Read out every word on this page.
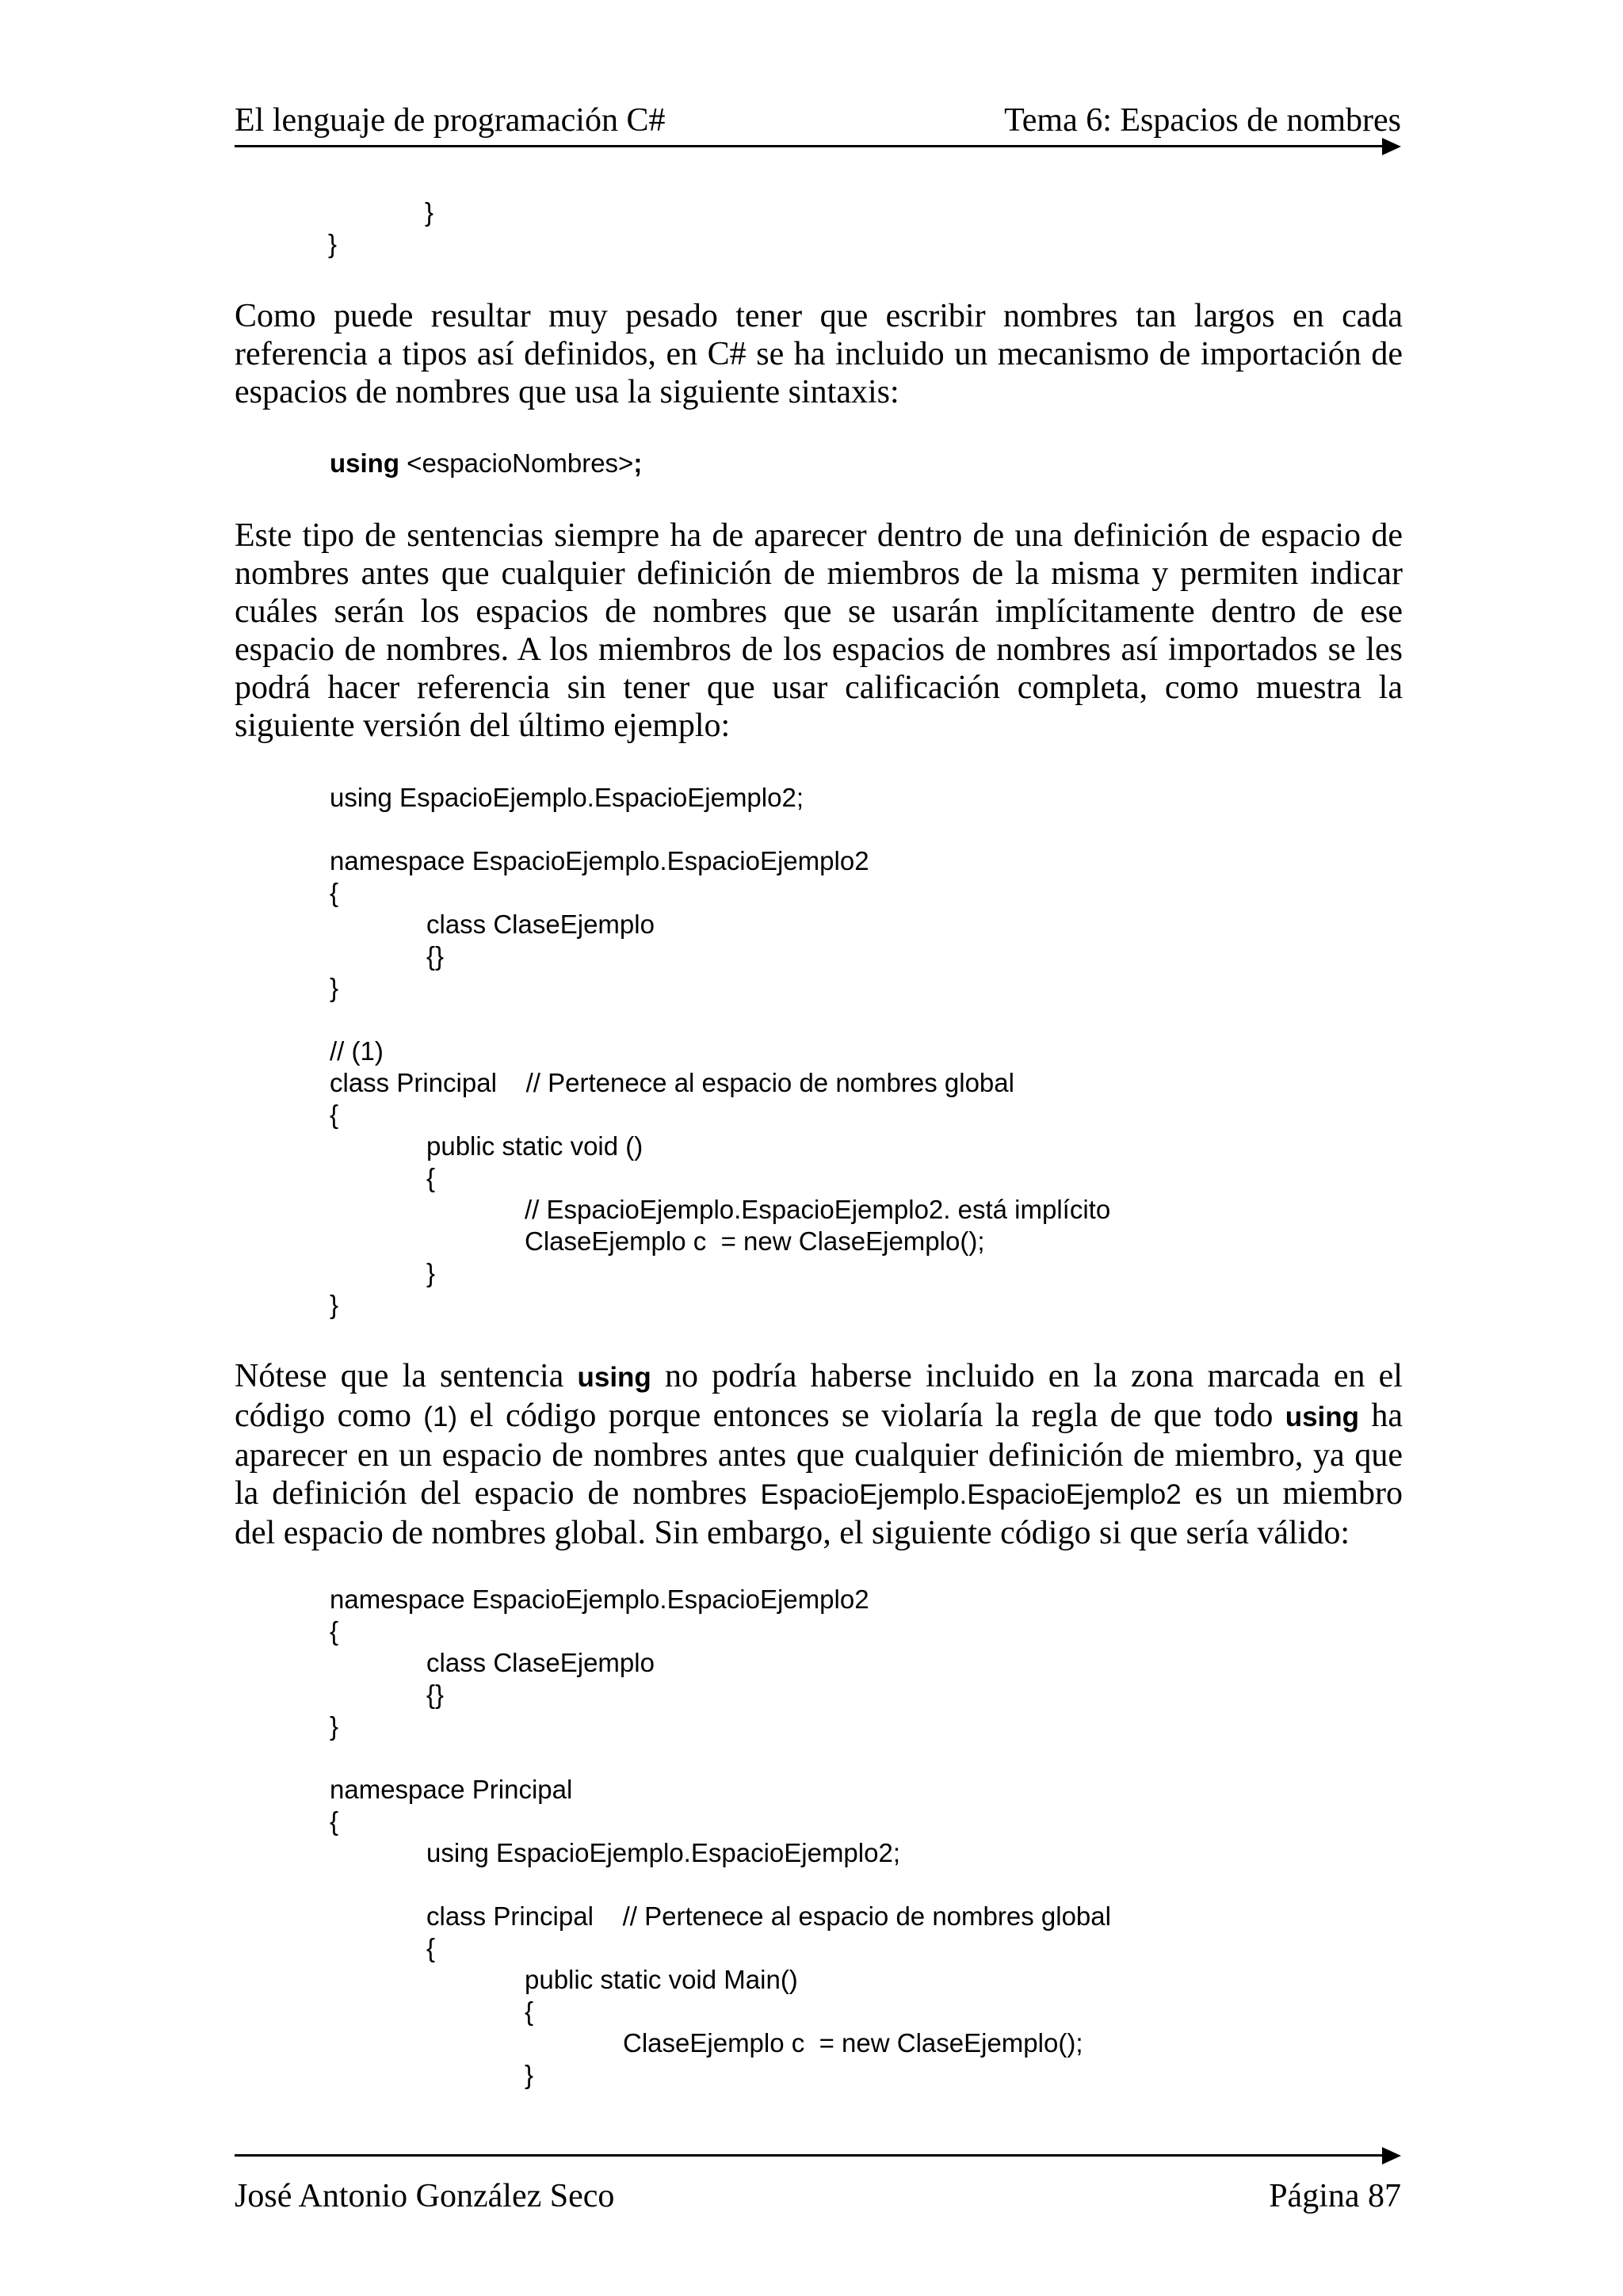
El lenguaje de programación C#	Tema 6: Espacios de nombres
}
}
Como puede resultar muy pesado tener que escribir nombres tan largos en cada referencia a tipos así definidos, en C# se ha incluido un mecanismo de importación de espacios de nombres que usa la siguiente sintaxis:
using <espacioNombres>;
Este tipo de sentencias siempre ha de aparecer dentro de una definición de espacio de nombres antes que cualquier definición de miembros de la misma y permiten indicar cuáles serán los espacios de nombres que se usarán implícitamente dentro de ese espacio de nombres. A los miembros de los espacios de nombres así importados se les podrá hacer referencia sin tener que usar calificación completa, como muestra la siguiente versión del último ejemplo:
using EspacioEjemplo.EspacioEjemplo2;
namespace EspacioEjemplo.EspacioEjemplo2
{
class ClaseEjemplo
{}
}
// (1)
class Principal    // Pertenece al espacio de nombres global
{
public static void ()
{
// EspacioEjemplo.EspacioEjemplo2. está implícito
ClaseEjemplo c  = new ClaseEjemplo();
}
}
Nótese que la sentencia using no podría haberse incluido en la zona marcada en el código como (1) el código porque entonces se violaría la regla de que todo using ha aparecer en un espacio de nombres antes que cualquier definición de miembro, ya que la definición del espacio de nombres EspacioEjemplo.EspacioEjemplo2 es un miembro del espacio de nombres global. Sin embargo, el siguiente código si que sería válido:
namespace EspacioEjemplo.EspacioEjemplo2
{
class ClaseEjemplo
{}
}
namespace Principal
{
using EspacioEjemplo.EspacioEjemplo2;
class Principal    // Pertenece al espacio de nombres global
{
public static void Main()
{
ClaseEjemplo c  = new ClaseEjemplo();
}
José Antonio González Seco	Página 87
